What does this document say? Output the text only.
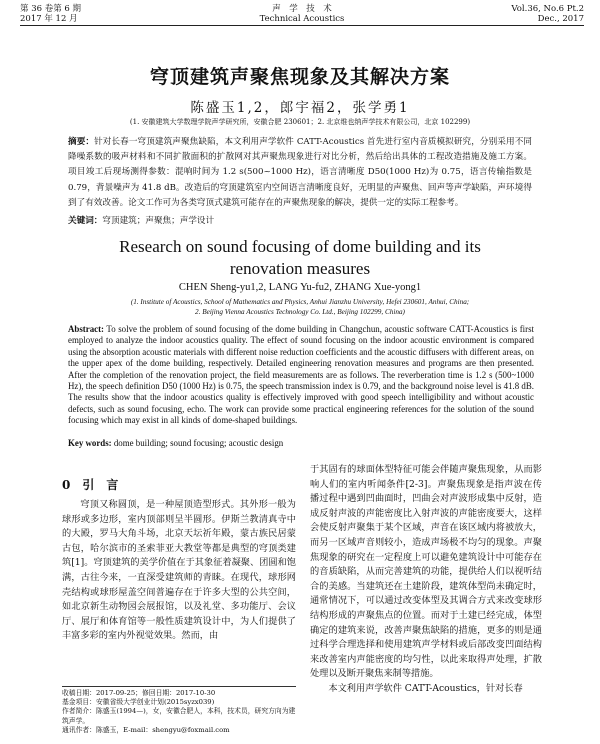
第 36 卷第 6 期
2017 年 12 月
声　学　技　术
Technical Acoustics
Vol.36, No.6 Pt.2
Dec., 2017
穹顶建筑声聚焦现象及其解决方案
陈盛玉1,2，郎宇福2，张学勇1
(1. 安徽建筑大学数理学院声学研究所，安徽合肥 230601；2. 北京维也纳声学技术有限公司，北京 102299)
摘要：针对长春一穹顶建筑声聚焦缺陷，本文利用声学软件 CATT-Acoustics 首先进行室内音质模拟研究，分别采用不同降噪系数的吸声材料和不同扩散面积的扩散网对其声聚焦现象进行对比分析，然后给出具体的工程改造措施及施工方案。项目竣工后现场测得参数：混响时间为 1.2 s(500~1000 Hz)，语言清晰度 D50(1000 Hz)为 0.75，语言传输指数是 0.79，背景噪声为 41.8 dB。改造后的穹顶建筑室内空间语言清晰度良好，无明显的声聚焦、回声等声学缺陷，声环境得到了有效改善。论文工作可为各类穹顶式建筑可能存在的声聚焦现象的解决，提供一定的实际工程参考。
关键词：穹顶建筑；声聚焦；声学设计
Research on sound focusing of dome building and its
renovation measures
CHEN Sheng-yu1,2, LANG Yu-fu2, ZHANG Xue-yong1
(1. Institute of Acoustics, School of Mathematics and Physics, Anhui Jianzhu University, Hefei 230601, Anhui, China;
2. Beijing Vienna Acoustics Technology Co. Ltd., Beijing 102299, China)
Abstract: To solve the problem of sound focusing of the dome building in Changchun, acoustic software CATT-Acoustics is first employed to analyze the indoor acoustics quality. The effect of sound focusing on the indoor acoustic environment is compared using the absorption acoustic materials with different noise reduction coefficients and the acoustic diffusers with different areas, on the upper apex of the dome building, respectively. Detailed engineering renovation measures and programs are then presented. After the completion of the renovation project, the field measurements are as follows. The reverberation time is 1.2 s (500~1000 Hz), the speech definition D50 (1000 Hz) is 0.75, the speech transmission index is 0.79, and the background noise level is 41.8 dB. The results show that the indoor acoustics quality is effectively improved with good speech intelligibility and without acoustic defects, such as sound focusing, echo. The work can provide some practical engineering references for the solution of the sound focusing which may exist in all kinds of dome-shaped buildings.
Key words: dome building; sound focusing; acoustic design
0　引　言

穹顶又称圆顶，是一种屋顶造型形式。其外形一般为球形或多边形，室内顶部则呈半圆形。伊斯兰教清真寺中的大殿，罗马大角斗场，北京天坛祈年殿，蒙古族民居蒙古包，哈尔滨市的圣索菲亚大教堂等都是典型的穹顶类建筑[1]。穹顶建筑的美学价值在于其象征着凝聚、团圆和饱满，古往今来，一直深受建筑师的青睐。在现代，球形网壳结构或球形屋盖空间普遍存在于许多大型的公共空间，如北京新生动物园会展报馆，以及礼堂、多功能厅、会议厅、展厅和体育馆等一般性质建筑设计中，为人们提供了丰富多彩的室内外视觉效果。然而，由

于其固有的球面体型特征可能会伴随声聚焦现象，从而影响人们的室内听闻条件[2-3]。声聚焦现象是指声波在传播过程中遇到凹曲面时，凹曲会对声波形成集中反射，造成反射声波的声能密度比入射声波的声能密度要大，这样会使反射声聚集于某个区域，声音在该区域内将被放大，而另一区域声音则较小，造成声场极不均匀的现象。声聚焦现象的研究在一定程度上可以避免建筑设计中可能存在的音质缺陷，从而完善建筑的功能，提供给人们以视听结合的美感。当建筑还在土建阶段，建筑体型尚未确定时，通常情况下，可以通过改变体型及其调合方式来改变球形结构形成的声聚焦点的位置。而对于土建已经完成，体型确定的建筑来说，改善声聚焦缺陷的措施，更多的则是通过科学合理选择和使用建筑声学材料或后部改变凹面结构来改善室内声能密度的均匀性，以此来取得声处理，扩散处理以及断开聚焦来制等措施。

本文利用声学软件 CATT-Acoustics，针对长春

收稿日期：2017-09-25；修回日期：2017-10-30
基金项目：安徽省级大学创业计划(2015syzx039)
作者简介：陈盛玉(1994—)，女，安徽合肥人，本科，技术员，研究方向为建筑声学。
通讯作者：陈盛玉，E-mail：shengyu@foxmail.com
